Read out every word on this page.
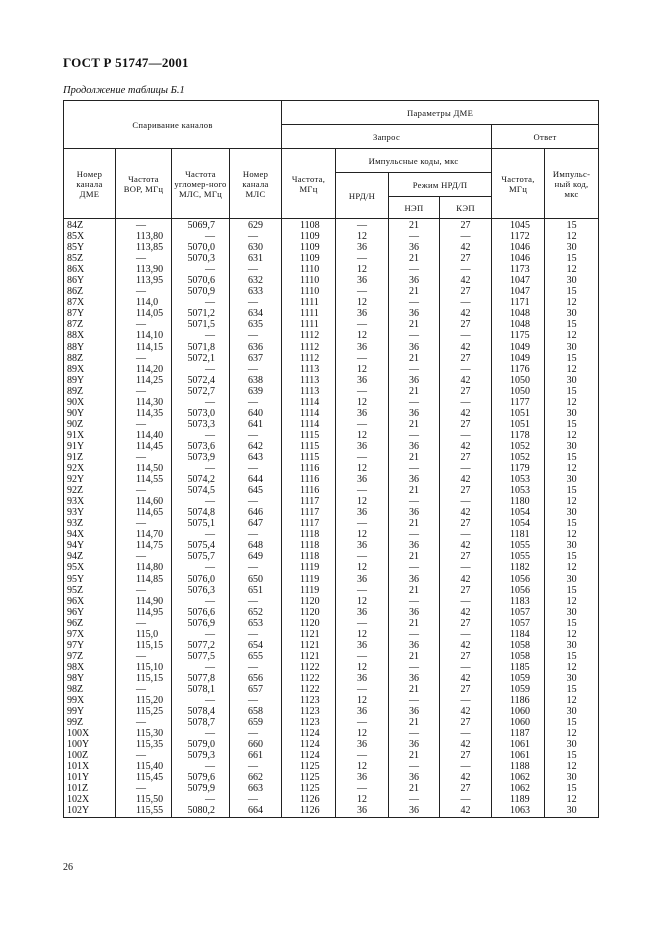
ГОСТ Р 51747—2001
Продолжение таблицы Б.1
Спаривание каналов				Параметры ДМЕ					
				Запрос				Ответ	
Номер канала ДМЕ	Частота ВОР, МГц	Частота угломер-ного МЛС, МГц	Номер канала МЛС	Частота, МГц	Импульсные коды, мкс			Частота, МГц	Импульс-ный код, мкс
					НРД/Н	Режим НРД/П			
						НЭП	КЭП		
84Z	—	5069,7	629	1108	—	21	27	1045	15
85X	113,80	—	—	1109	12	—	—	1172	12
85Y	113,85	5070,0	630	1109	36	36	42	1046	30
85Z	—	5070,3	631	1109	—	21	27	1046	15
86X	113,90	—	—	1110	12	—	—	1173	12
86Y	113,95	5070,6	632	1110	36	36	42	1047	30
86Z	—	5070,9	633	1110	—	21	27	1047	15
87X	114,0	—	—	1111	12	—	—	1171	12
87Y	114,05	5071,2	634	1111	36	36	42	1048	30
87Z	—	5071,5	635	1111	—	21	27	1048	15
88X	114,10	—	—	1112	12	—	—	1175	12
88Y	114,15	5071,8	636	1112	36	36	42	1049	30
88Z	—	5072,1	637	1112	—	21	27	1049	15
89X	114,20	—	—	1113	12	—	—	1176	12
89Y	114,25	5072,4	638	1113	36	36	42	1050	30
89Z	—	5072,7	639	1113	—	21	27	1050	15
90X	114,30	—	—	1114	12	—	—	1177	12
90Y	114,35	5073,0	640	1114	36	36	42	1051	30
90Z	—	5073,3	641	1114	—	21	27	1051	15
91X	114,40	—	—	1115	12	—	—	1178	12
91Y	114,45	5073,6	642	1115	36	36	42	1052	30
91Z	—	5073,9	643	1115	—	21	27	1052	15
92X	114,50	—	—	1116	12	—	—	1179	12
92Y	114,55	5074,2	644	1116	36	36	42	1053	30
92Z	—	5074,5	645	1116	—	21	27	1053	15
93X	114,60	—	—	1117	12	—	—	1180	12
93Y	114,65	5074,8	646	1117	36	36	42	1054	30
93Z	—	5075,1	647	1117	—	21	27	1054	15
94X	114,70	—	—	1118	12	—	—	1181	12
94Y	114,75	5075,4	648	1118	36	36	42	1055	30
94Z	—	5075,7	649	1118	—	21	27	1055	15
95X	114,80	—	—	1119	12	—	—	1182	12
95Y	114,85	5076,0	650	1119	36	36	42	1056	30
95Z	—	5076,3	651	1119	—	21	27	1056	15
96X	114,90	—	—	1120	12	—	—	1183	12
96Y	114,95	5076,6	652	1120	36	36	42	1057	30
96Z	—	5076,9	653	1120	—	21	27	1057	15
97X	115,0	—	—	1121	12	—	—	1184	12
97Y	115,15	5077,2	654	1121	36	36	42	1058	30
97Z	—	5077,5	655	1121	—	21	27	1058	15
98X	115,10	—	—	1122	12	—	—	1185	12
98Y	115,15	5077,8	656	1122	36	36	42	1059	30
98Z	—	5078,1	657	1122	—	21	27	1059	15
99X	115,20	—	—	1123	12	—	—	1186	12
99Y	115,25	5078,4	658	1123	36	36	42	1060	30
99Z	—	5078,7	659	1123	—	21	27	1060	15
100X	115,30	—	—	1124	12	—	—	1187	12
100Y	115,35	5079,0	660	1124	36	36	42	1061	30
100Z	—	5079,3	661	1124	—	21	27	1061	15
101X	115,40	—	—	1125	12	—	—	1188	12
101Y	115,45	5079,6	662	1125	36	36	42	1062	30
101Z	—	5079,9	663	1125	—	21	27	1062	15
102X	115,50	—	—	1126	12	—	—	1189	12
102Y	115,55	5080,2	664	1126	36	36	42	1063	30
26
